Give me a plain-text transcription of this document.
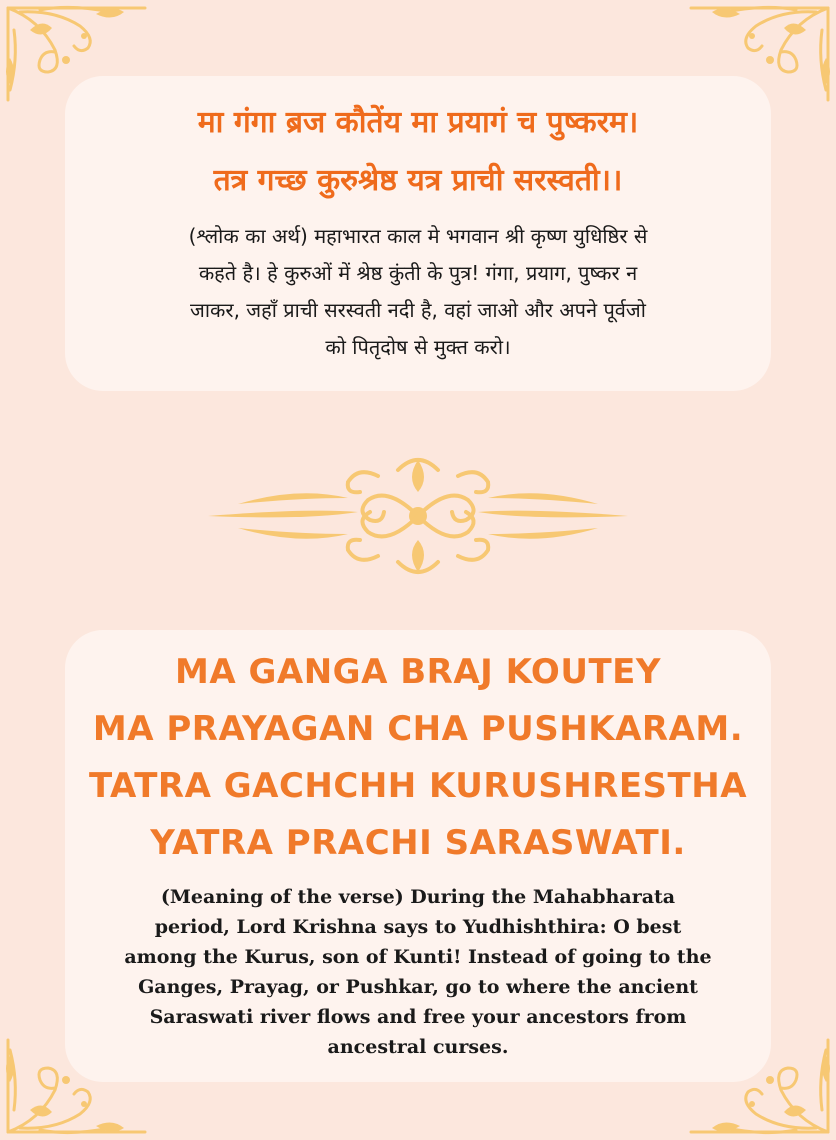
मा गंगा ब्रज कौतेंय मा प्रयागं च पुष्करम।
तत्र गच्छ कुरुश्रेष्ठ यत्र प्राची सरस्वती।।

(श्लोक का अर्थ) महाभारत काल मे भगवान श्री कृष्ण युधिष्ठिर से
कहते है। हे कुरुओं में श्रेष्ठ कुंती के पुत्र! गंगा, प्रयाग, पुष्कर न
जाकर, जहाँ प्राची सरस्वती नदी है, वहां जाओ और अपने पूर्वजो
को पितृदोष से मुक्त करो।

MA GANGA BRAJ KOUTEY
MA PRAYAGAN CHA PUSHKARAM.
TATRA GACHCHH KURUSHRESTHA
YATRA PRACHI SARASWATI.

(Meaning of the verse) During the Mahabharata
period, Lord Krishna says to Yudhishthira: O best
among the Kurus, son of Kunti! Instead of going to the
Ganges, Prayag, or Pushkar, go to where the ancient
Saraswati river flows and free your ancestors from
ancestral curses.
